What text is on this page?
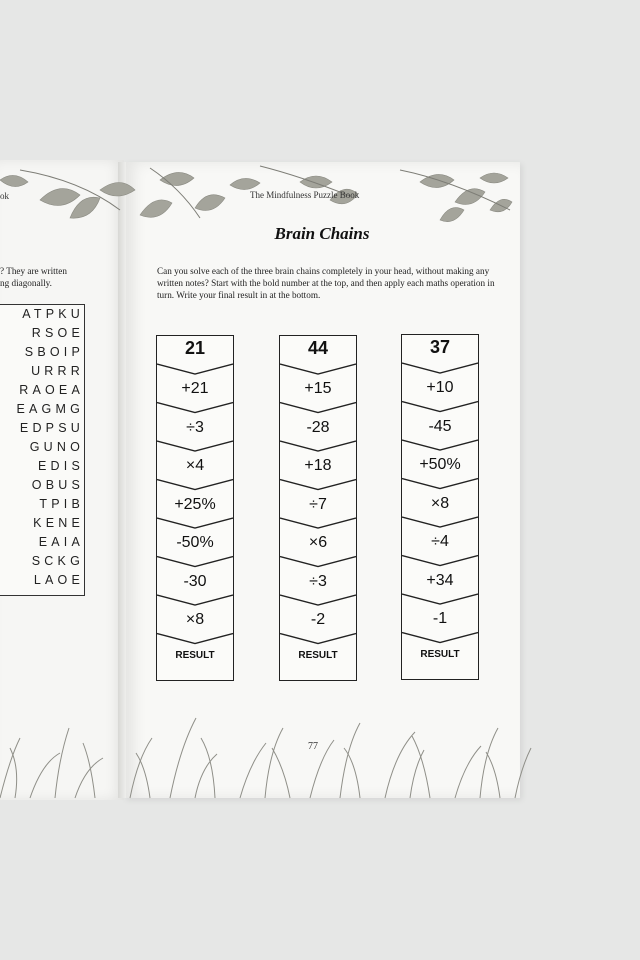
ok	The Mindfulness Puzzle Book
? They are written
ng diagonally.
ATPKU
RSOE
SBOIP
URRR
RAOEA
EAGMG
EDPSU
GUNO
EDIS
OBUS
TPIB
KENE
EAIA
SCKG
LAOE
Brain Chains
Can you solve each of the three brain chains completely in your head, without making any written notes? Start with the bold number at the top, and then apply each maths operation in turn. Write your final result in at the bottom.
21
+21
÷3
×4
+25%
-50%
-30
×8
RESULT
44
+15
-28
+18
÷7
×6
÷3
-2
RESULT
37
+10
-45
+50%
×8
÷4
+34
-1
RESULT
77
